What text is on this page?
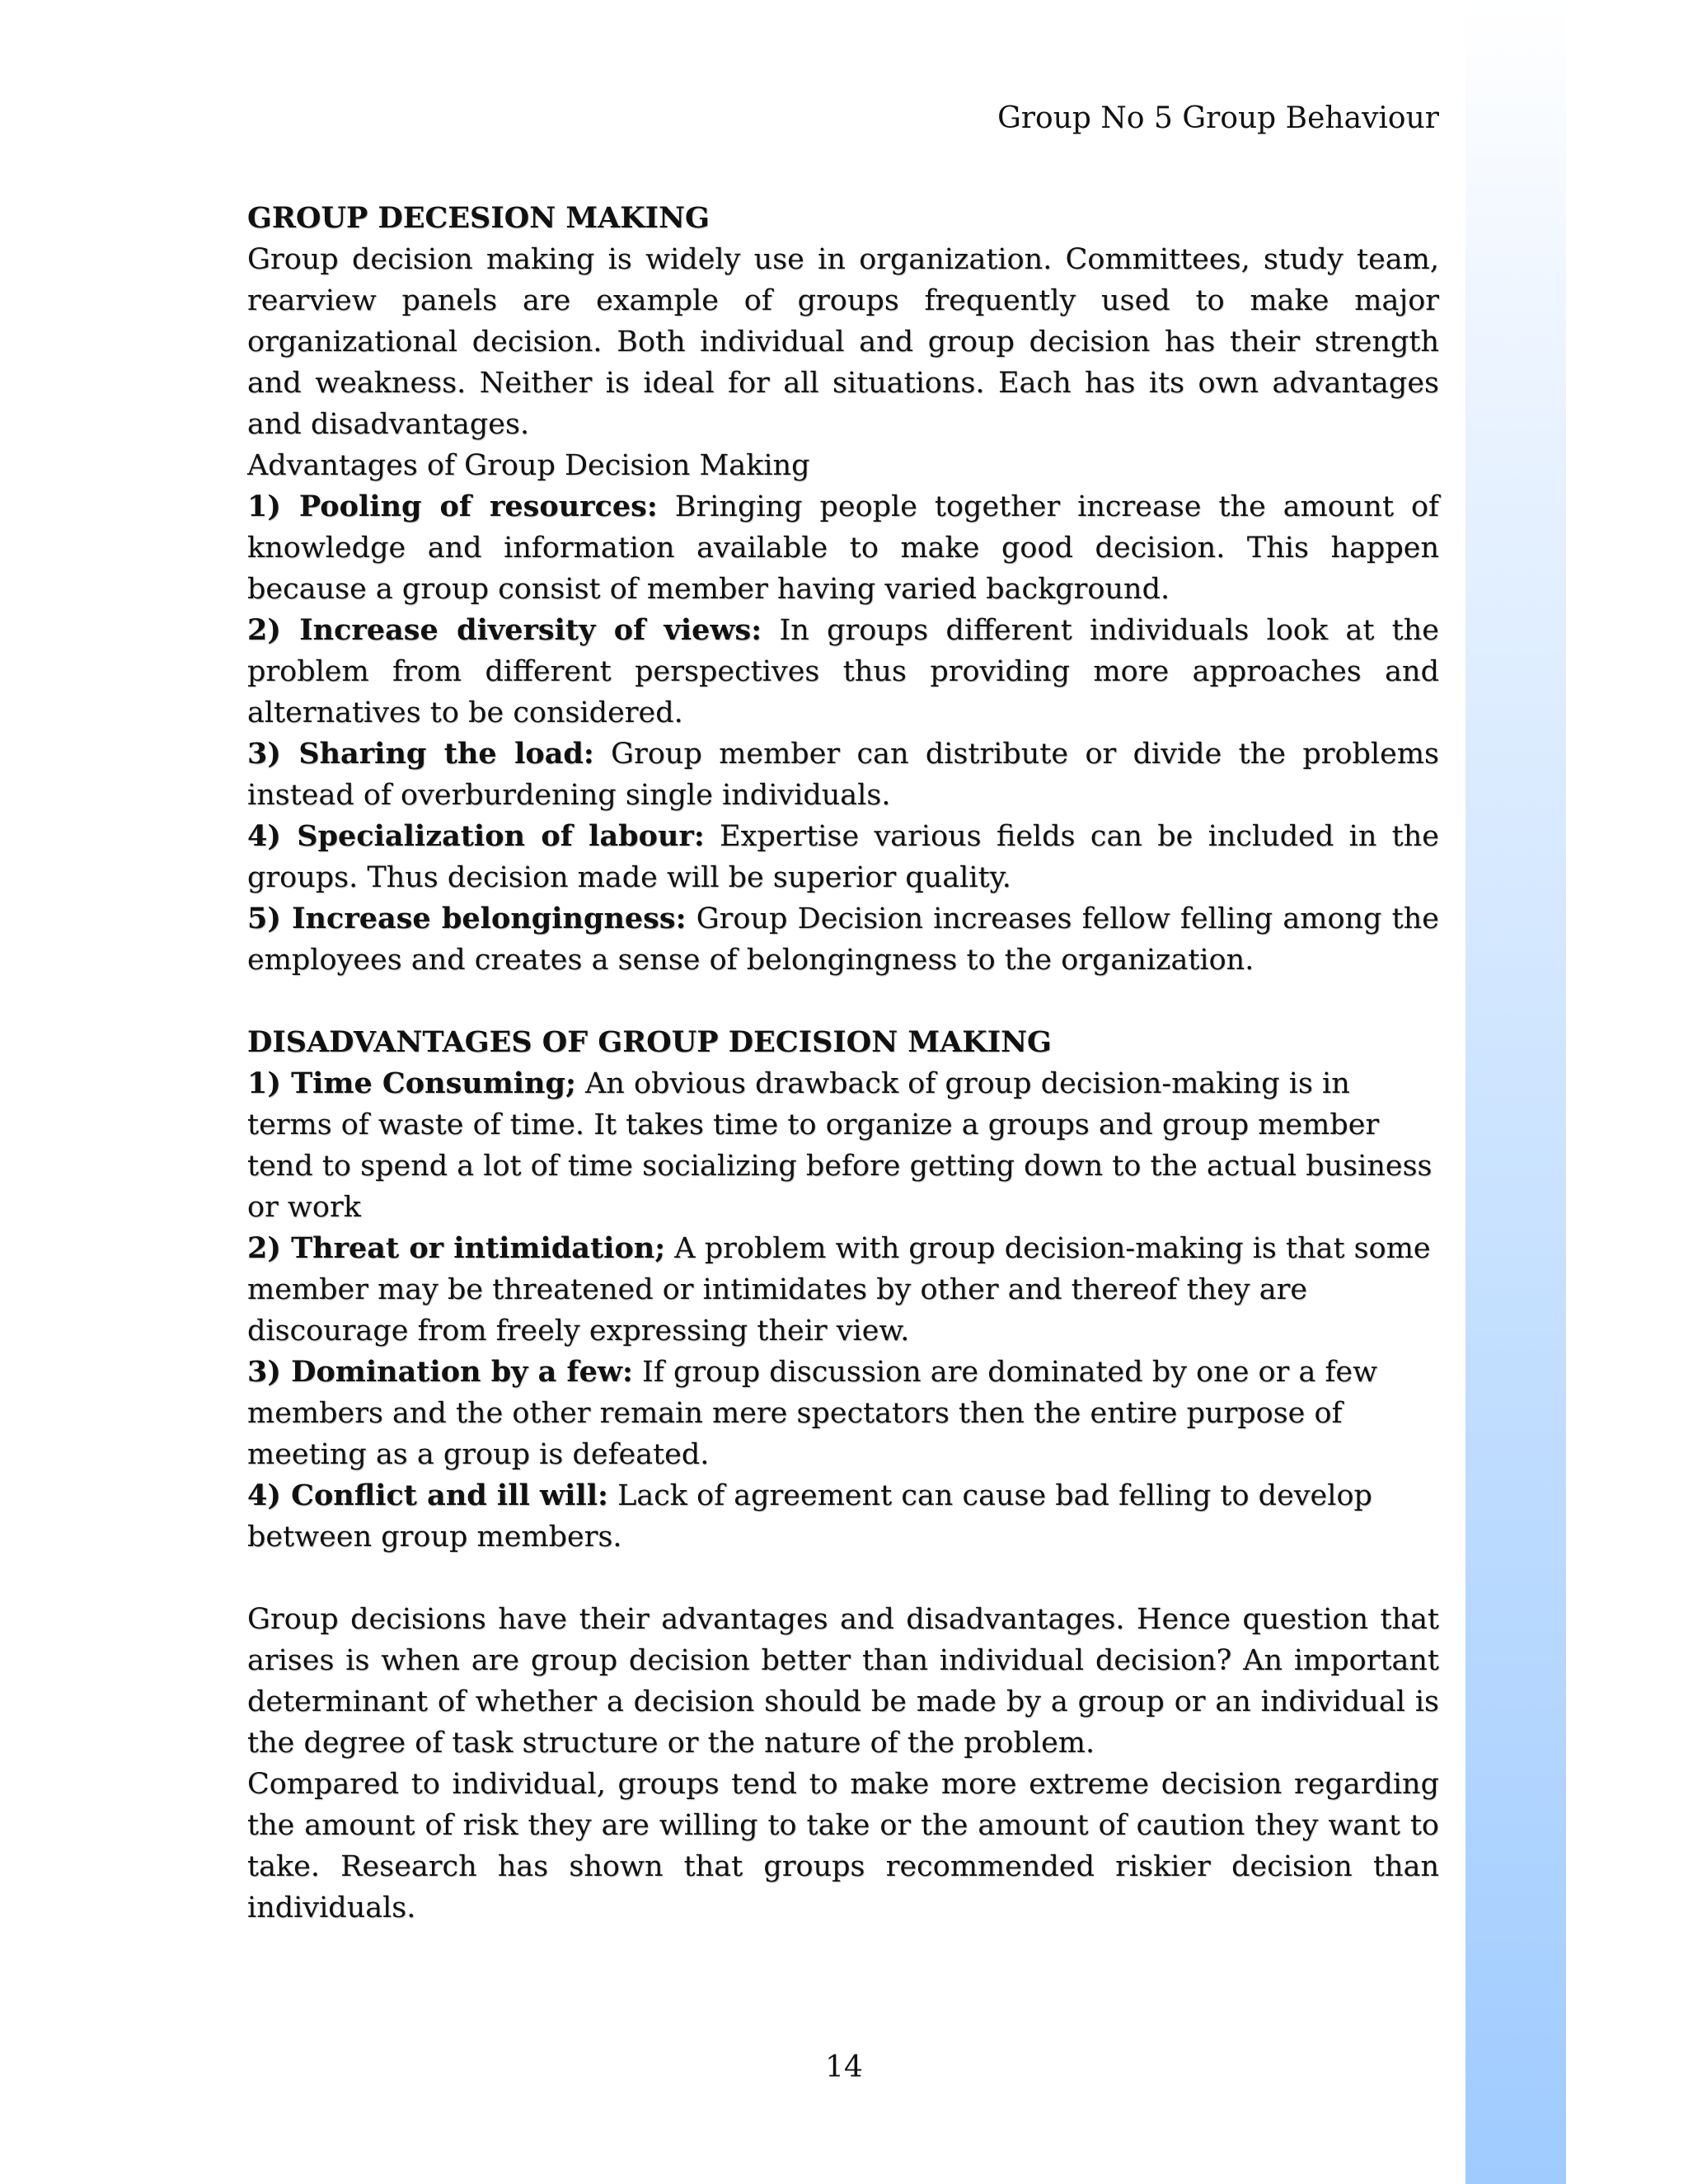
Group No 5 Group Behaviour

GROUP DECESION MAKING

Group decision making is widely use in organization. Committees, study team, rearview panels are example of groups frequently used to make major organizational decision. Both individual and group decision has their strength and weakness. Neither is ideal for all situations. Each has its own advantages and disadvantages.

Advantages of Group Decision Making

1) Pooling of resources: Bringing people together increase the amount of knowledge and information available to make good decision. This happen because a group consist of member having varied background.

2) Increase diversity of views: In groups different individuals look at the problem from different perspectives thus providing more approaches and alternatives to be considered.

3) Sharing the load: Group member can distribute or divide the problems instead of overburdening single individuals.

4) Specialization of labour: Expertise various fields can be included in the groups. Thus decision made will be superior quality.

5) Increase belongingness: Group Decision increases fellow felling among the employees and creates a sense of belongingness to the organization.

DISADVANTAGES OF GROUP DECISION MAKING

1) Time Consuming; An obvious drawback of group decision-making is in terms of waste of time. It takes time to organize a groups and group member tend to spend a lot of time socializing before getting down to the actual business or work

2) Threat or intimidation; A problem with group decision-making is that some member may be threatened or intimidates by other and thereof they are discourage from freely expressing their view.

3) Domination by a few: If group discussion are dominated by one or a few members and the other remain mere spectators then the entire purpose of meeting as a group is defeated.

4) Conflict and ill will: Lack of agreement can cause bad felling to develop between group members.

Group decisions have their advantages and disadvantages. Hence question that arises is when are group decision better than individual decision? An important determinant of whether a decision should be made by a group or an individual is the degree of task structure or the nature of the problem.

Compared to individual, groups tend to make more extreme decision regarding the amount of risk they are willing to take or the amount of caution they want to take. Research has shown that groups recommended riskier decision than individuals.

14
